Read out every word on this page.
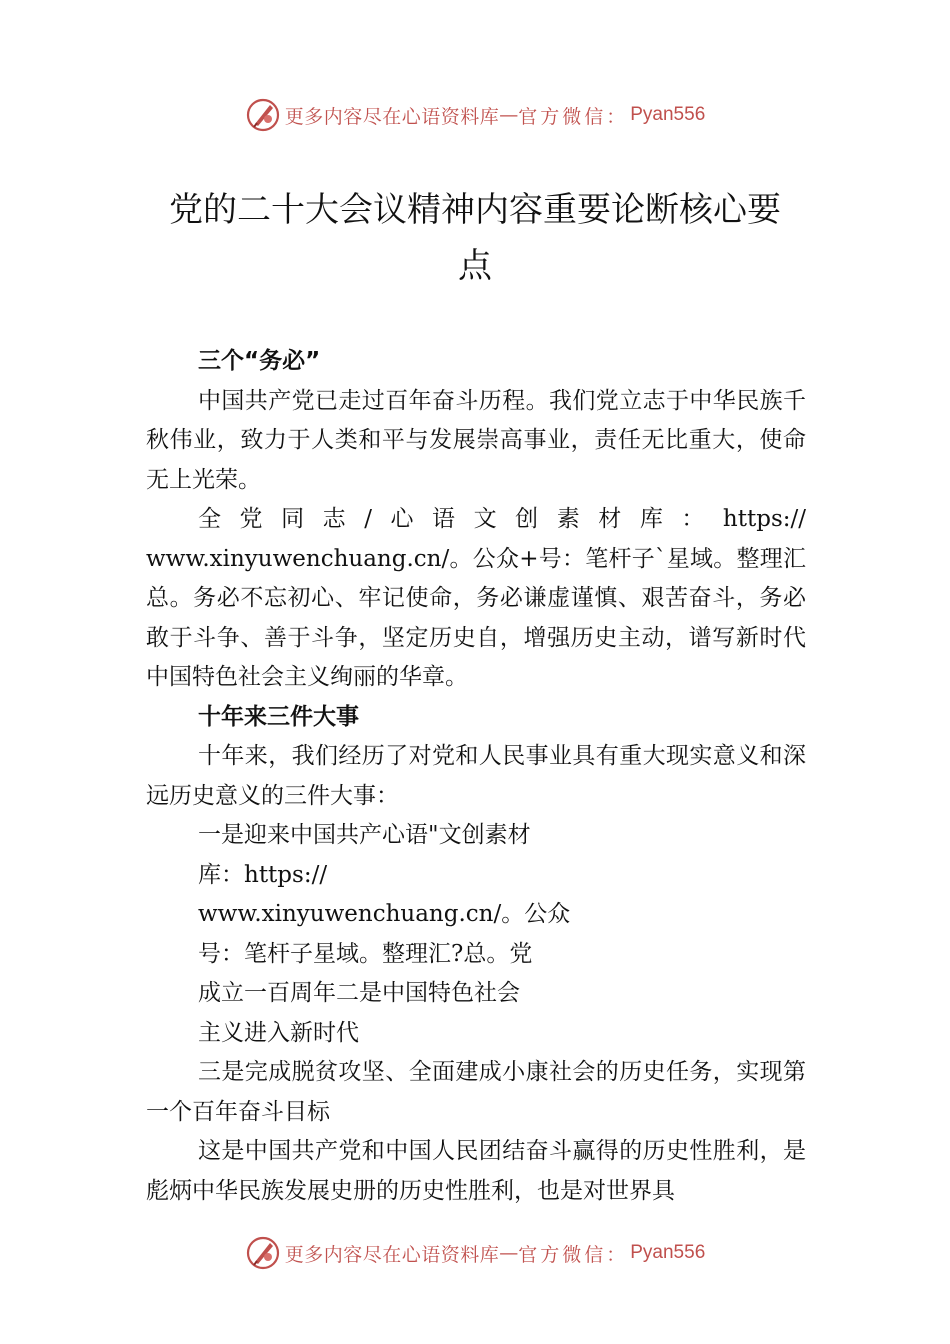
更多内容尽在心语资料库 — 官方微信： Pyan556
党的二十大会议精神内容重要论断核心要
点
三个“务必”
中国共产党已走过百年奋斗历程。我们党立志于中华民族千秋伟业，致力于人类和平与发展崇高事业，责任无比重大，使命无上光荣。
全党同志/心语文创素材库：https://
www.xinyuwenchuang.cn/。公众+号：笔杆子`星域。整理汇总。务必不忘初心、牢记使命，务必谦虚谨慎、艰苦奋斗，务必敢于斗争、善于斗争，坚定历史自，增强历史主动，谱写新时代中国特色社会主义绚丽的华章。
十年来三件大事
十年来，我们经历了对党和人民事业具有重大现实意义和深远历史意义的三件大事：
一是迎来中国共产心语"文创素材
库：https://
www.xinyuwenchuang.cn/。公众
号：笔杆子星域。整理汇?总。党
成立一百周年二是中国特色社会
主义进入新时代
三是完成脱贫攻坚、全面建成小康社会的历史任务，实现第一个百年奋斗目标
这是中国共产党和中国人民团结奋斗赢得的历史性胜利，是彪炳中华民族发展史册的历史性胜利，也是对世界具
更多内容尽在心语资料库 — 官方微信： Pyan556
